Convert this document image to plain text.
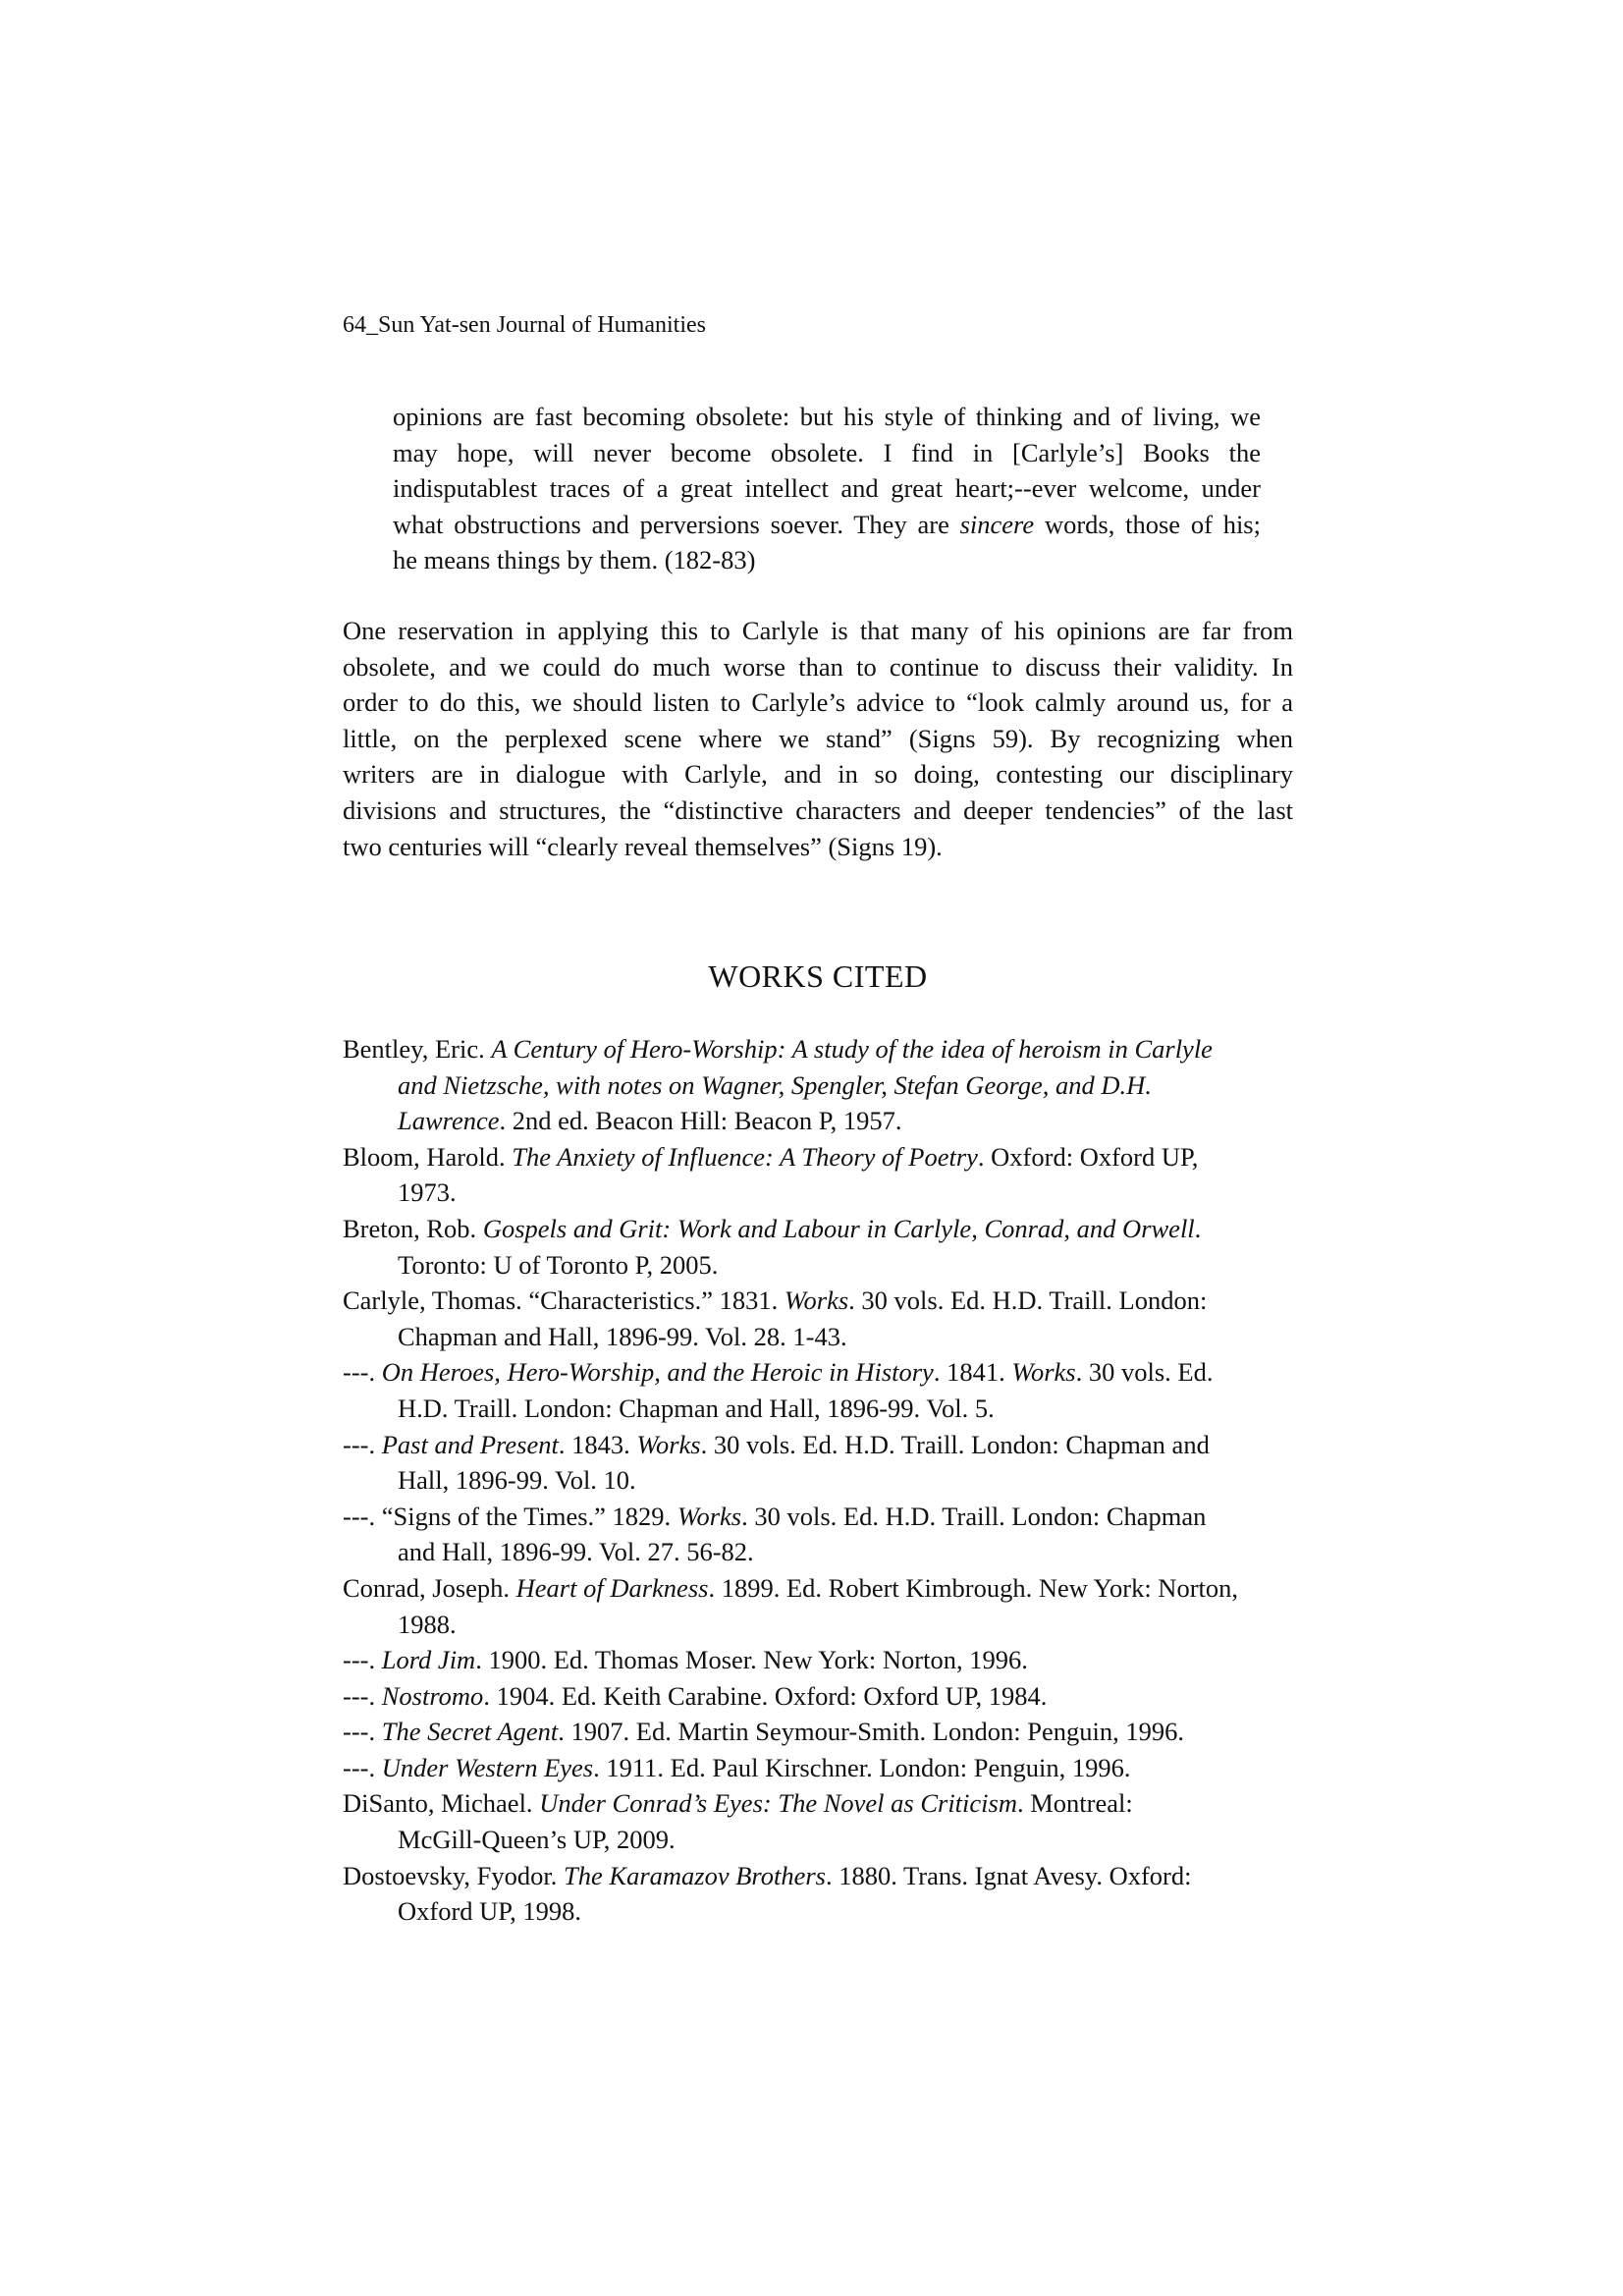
64_Sun Yat-sen Journal of Humanities
opinions are fast becoming obsolete: but his style of thinking and of living, we
may hope, will never become obsolete. I find in [Carlyle’s] Books the
indisputablest traces of a great intellect and great heart;--ever welcome, under
what obstructions and perversions soever. They are sincere words, those of his;
he means things by them. (182-83)
One reservation in applying this to Carlyle is that many of his opinions are far from
obsolete, and we could do much worse than to continue to discuss their validity. In
order to do this, we should listen to Carlyle’s advice to “look calmly around us, for a
little, on the perplexed scene where we stand” (Signs 59). By recognizing when
writers are in dialogue with Carlyle, and in so doing, contesting our disciplinary
divisions and structures, the “distinctive characters and deeper tendencies” of the last
two centuries will “clearly reveal themselves” (Signs 19).
WORKS CITED
Bentley, Eric. A Century of Hero-Worship: A study of the idea of heroism in Carlyle
and Nietzsche, with notes on Wagner, Spengler, Stefan George, and D.H.
Lawrence. 2nd ed. Beacon Hill: Beacon P, 1957.
Bloom, Harold. The Anxiety of Influence: A Theory of Poetry. Oxford: Oxford UP,
1973.
Breton, Rob. Gospels and Grit: Work and Labour in Carlyle, Conrad, and Orwell.
Toronto: U of Toronto P, 2005.
Carlyle, Thomas. “Characteristics.” 1831. Works. 30 vols. Ed. H.D. Traill. London:
Chapman and Hall, 1896-99. Vol. 28. 1-43.
---. On Heroes, Hero-Worship, and the Heroic in History. 1841. Works. 30 vols. Ed.
H.D. Traill. London: Chapman and Hall, 1896-99. Vol. 5.
---. Past and Present. 1843. Works. 30 vols. Ed. H.D. Traill. London: Chapman and
Hall, 1896-99. Vol. 10.
---. “Signs of the Times.” 1829. Works. 30 vols. Ed. H.D. Traill. London: Chapman
and Hall, 1896-99. Vol. 27. 56-82.
Conrad, Joseph. Heart of Darkness. 1899. Ed. Robert Kimbrough. New York: Norton,
1988.
---. Lord Jim. 1900. Ed. Thomas Moser. New York: Norton, 1996.
---. Nostromo. 1904. Ed. Keith Carabine. Oxford: Oxford UP, 1984.
---. The Secret Agent. 1907. Ed. Martin Seymour-Smith. London: Penguin, 1996.
---. Under Western Eyes. 1911. Ed. Paul Kirschner. London: Penguin, 1996.
DiSanto, Michael. Under Conrad’s Eyes: The Novel as Criticism. Montreal:
McGill-Queen’s UP, 2009.
Dostoevsky, Fyodor. The Karamazov Brothers. 1880. Trans. Ignat Avesy. Oxford:
Oxford UP, 1998.
